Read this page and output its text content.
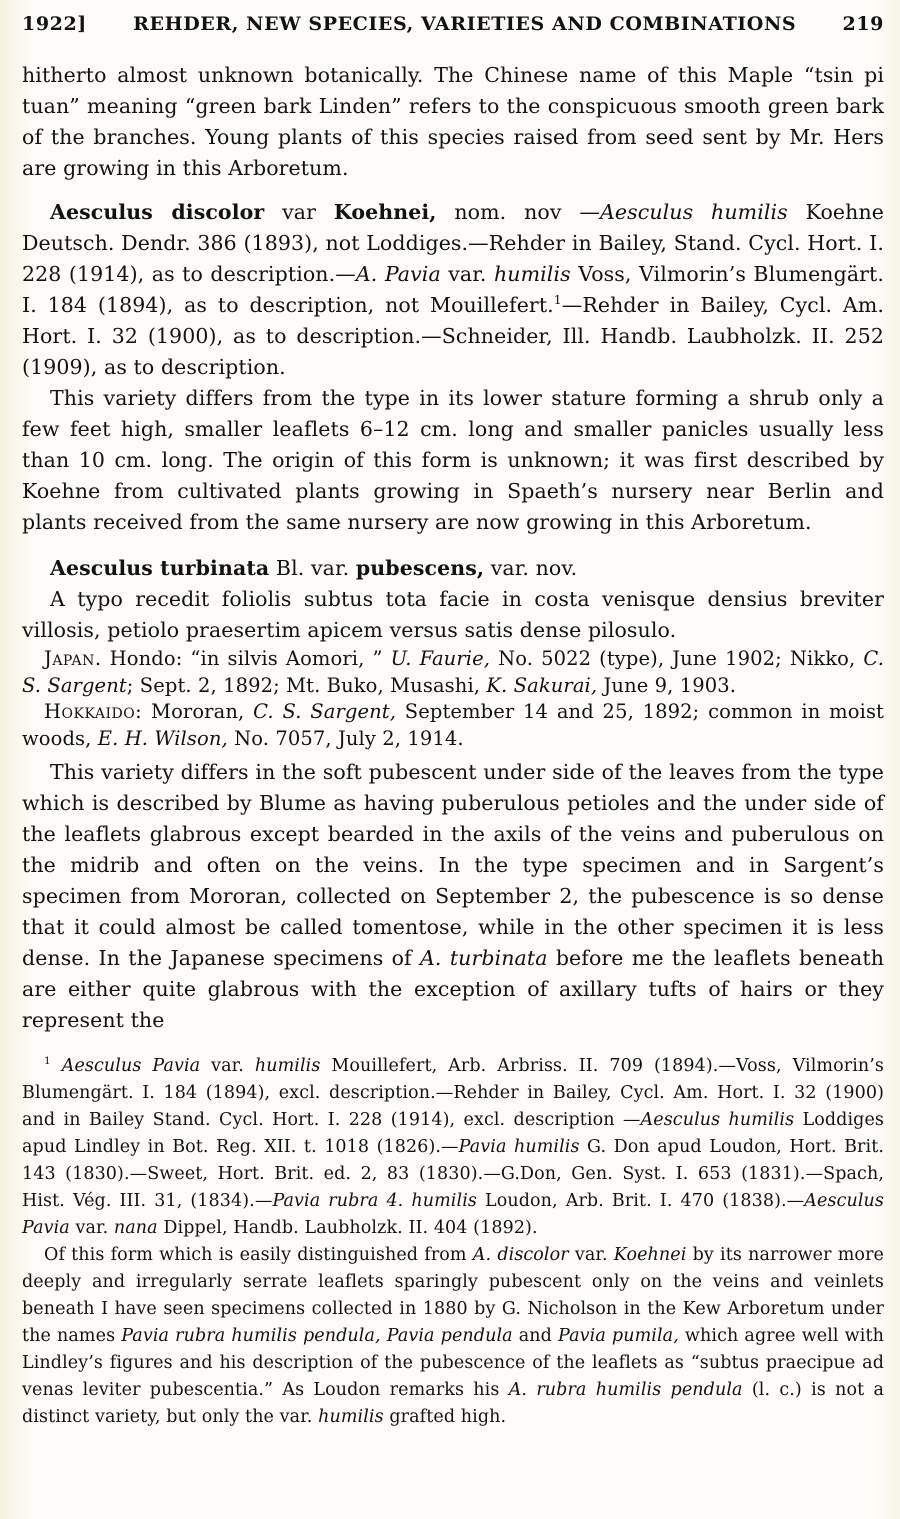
1922]	REHDER, NEW SPECIES, VARIETIES AND COMBINATIONS	219

hitherto almost unknown botanically. The Chinese name of this Maple “tsin pi tuan” meaning “green bark Linden” refers to the conspicuous smooth green bark of the branches. Young plants of this species raised from seed sent by Mr. Hers are growing in this Arboretum.

Aesculus discolor var Koehnei, nom. nov —Aesculus humilis Koehne Deutsch. Dendr. 386 (1893), not Loddiges.—Rehder in Bailey, Stand. Cycl. Hort. I. 228 (1914), as to description.—A. Pavia var. humilis Voss, Vilmorin’s Blumengärt. I. 184 (1894), as to description, not Mouillefert.$^1$—Rehder in Bailey, Cycl. Am. Hort. I. 32 (1900), as to description.—Schneider, Ill. Handb. Laubholzk. II. 252 (1909), as to description.

This variety differs from the type in its lower stature forming a shrub only a few feet high, smaller leaflets 6–12 cm. long and smaller panicles usually less than 10 cm. long. The origin of this form is unknown; it was first described by Koehne from cultivated plants growing in Spaeth’s nursery near Berlin and plants received from the same nursery are now growing in this Arboretum.

Aesculus turbinata Bl. var. pubescens, var. nov.

A typo recedit foliolis subtus tota facie in costa venisque densius breviter villosis, petiolo praesertim apicem versus satis dense pilosulo.

Japan. Hondo: “in silvis Aomori, ” U. Faurie, No. 5022 (type), June 1902; Nikko, C. S. Sargent; Sept. 2, 1892; Mt. Buko, Musashi, K. Sakurai, June 9, 1903.

Hokkaido: Mororan, C. S. Sargent, September 14 and 25, 1892; common in moist woods, E. H. Wilson, No. 7057, July 2, 1914.

This variety differs in the soft pubescent under side of the leaves from the type which is described by Blume as having puberulous petioles and the under side of the leaflets glabrous except bearded in the axils of the veins and puberulous on the midrib and often on the veins. In the type specimen and in Sargent’s specimen from Mororan, collected on September 2, the pubescence is so dense that it could almost be called tomentose, while in the other specimen it is less dense. In the Japanese specimens of A. turbinata before me the leaflets beneath are either quite glabrous with the exception of axillary tufts of hairs or they represent the

$^1$ Aesculus Pavia var. humilis Mouillefert, Arb. Arbriss. II. 709 (1894).—Voss, Vilmorin’s Blumengärt. I. 184 (1894), excl. description.—Rehder in Bailey, Cycl. Am. Hort. I. 32 (1900) and in Bailey Stand. Cycl. Hort. I. 228 (1914), excl. description —Aesculus humilis Loddiges apud Lindley in Bot. Reg. XII. t. 1018 (1826).—Pavia humilis G. Don apud Loudon, Hort. Brit. 143 (1830).—Sweet, Hort. Brit. ed. 2, 83 (1830).—G.Don, Gen. Syst. I. 653 (1831).—Spach, Hist. Vég. III. 31, (1834).—Pavia rubra 4. humilis Loudon, Arb. Brit. I. 470 (1838).—Aesculus Pavia var. nana Dippel, Handb. Laubholzk. II. 404 (1892).

Of this form which is easily distinguished from A. discolor var. Koehnei by its narrower more deeply and irregularly serrate leaflets sparingly pubescent only on the veins and veinlets beneath I have seen specimens collected in 1880 by G. Nicholson in the Kew Arboretum under the names Pavia rubra humilis pendula, Pavia pendula and Pavia pumila, which agree well with Lindley’s figures and his description of the pubescence of the leaflets as “subtus praecipue ad venas leviter pubescentia.” As Loudon remarks his A. rubra humilis pendula (l. c.) is not a distinct variety, but only the var. humilis grafted high.
